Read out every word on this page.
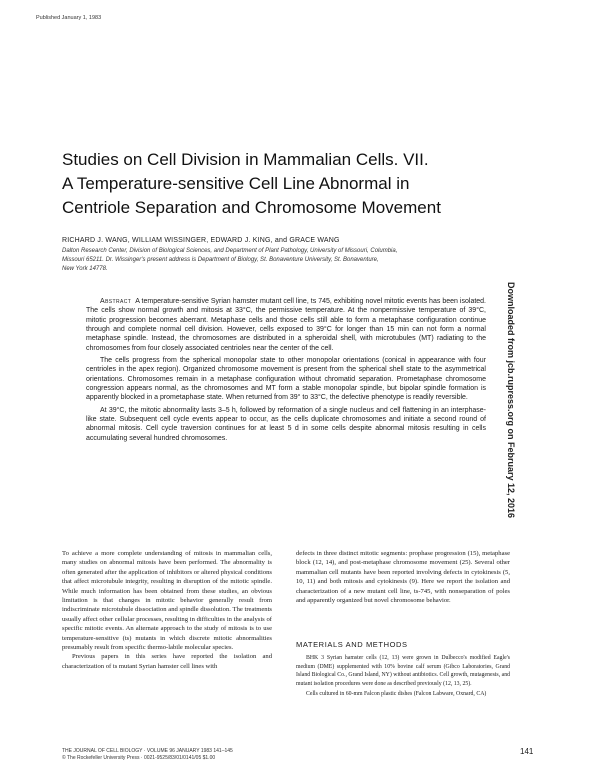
Published January 1, 1983
Studies on Cell Division in Mammalian Cells. VII.
A Temperature-sensitive Cell Line Abnormal in
Centriole Separation and Chromosome Movement
RICHARD J. WANG, WILLIAM WISSINGER, EDWARD J. KING, and GRACE WANG
Dalton Research Center, Division of Biological Sciences, and Department of Plant Pathology, University of Missouri, Columbia,
Missouri 65211. Dr. Wissinger's present address is Department of Biology, St. Bonaventure University, St. Bonaventure,
New York 14778.

Abstract A temperature-sensitive Syrian hamster mutant cell line, ts 745, exhibiting novel mitotic events has been isolated. The cells show normal growth and mitosis at 33°C, the permissive temperature. At the nonpermissive temperature of 39°C, mitotic progression becomes aberrant. Metaphase cells and those cells still able to form a metaphase configuration continue through and complete normal cell division. However, cells exposed to 39°C for longer than 15 min can not form a normal metaphase spindle. Instead, the chromosomes are distributed in a spheroidal shell, with microtubules (MT) radiating to the chromosomes from four closely associated centrioles near the center of the cell.

The cells progress from the spherical monopolar state to other monopolar orientations (conical in appearance with four centrioles in the apex region). Organized chromosome movement is present from the spherical shell state to the asymmetrical orientations. Chromosomes remain in a metaphase configuration without chromatid separation. Prometaphase chromosome congression appears normal, as the chromosomes and MT form a stable monopolar spindle, but bipolar spindle formation is apparently blocked in a prometaphase state. When returned from 39° to 33°C, the defective phenotype is readily reversible.

At 39°C, the mitotic abnormality lasts 3–5 h, followed by reformation of a single nucleus and cell flattening in an interphase-like state. Subsequent cell cycle events appear to occur, as the cells duplicate chromosomes and initiate a second round of abnormal mitosis. Cell cycle traversion continues for at least 5 d in some cells despite abnormal mitosis resulting in cells accumulating several hundred chromosomes.	Downloaded from jcb.rupress.org on February 12, 2016

To achieve a more complete understanding of mitosis in mammalian cells, many studies on abnormal mitosis have been performed. The abnormality is often generated after the application of inhibitors or altered physical conditions that affect microtubule integrity, resulting in disruption of the mitotic spindle. While much information has been obtained from these studies, an obvious limitation is that changes in mitotic behavior generally result from indiscriminate microtubule dissociation and spindle dissolution. The treatments usually affect other cellular processes, resulting in difficulties in the analysis of specific mitotic events. An alternate approach to the study of mitosis is to use temperature-sensitive (ts) mutants in which discrete mitotic abnormalities presumably result from specific thermo-labile molecular species.

Previous papers in this series have reported the isolation and characterization of ts mutant Syrian hamster cell lines with

defects in three distinct mitotic segments: prophase progression (15), metaphase block (12, 14), and post-metaphase chromosome movement (25). Several other mammalian cell mutants have been reported involving defects in cytokinesis (5, 10, 11) and both mitosis and cytokinesis (9). Here we report the isolation and characterization of a new mutant cell line, ts-745, with nonseparation of poles and apparently organized but novel chromosome behavior.

MATERIALS AND METHODS

BHK 3 Syrian hamster cells (12, 13) were grown in Dulbecco's modified Eagle's medium (DME) supplemented with 10% bovine calf serum (Gibco Laboratories, Grand Island Biological Co., Grand Island, NY) without antibiotics. Cell growth, mutagenesis, and mutant isolation procedures were done as described previously (12, 13, 25).

Cells cultured in 60-mm Falcon plastic dishes (Falcon Labware, Oxnard, CA)

THE JOURNAL OF CELL BIOLOGY · VOLUME 96 JANUARY 1983 141–145
© The Rockefeller University Press · 0021-9525/83/01/0141/05 $1.00
141
